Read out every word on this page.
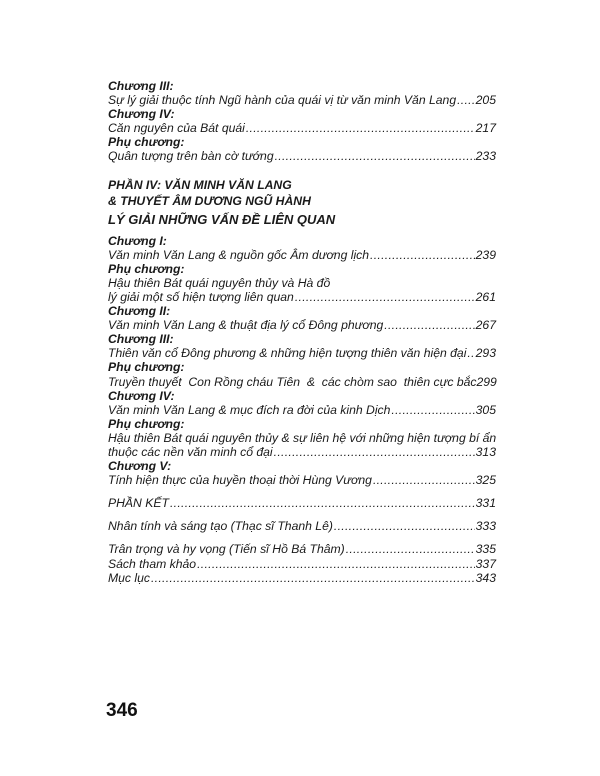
Chương III:
Sự lý giải thuộc tính Ngũ hành của quái vị từ văn minh Văn Lang ..... 205
Chương IV:
Căn nguyên của Bát quái .....	217
Phụ chương:
Quân tượng trên bàn cờ tướng .....	233
PHẦN IV: VĂN MINH VĂN LANG
& THUYẾT ÂM DƯƠNG NGŨ HÀNH
LÝ GIẢI NHỮNG VẤN ĐỀ LIÊN QUAN
Chương I:
Văn minh Văn Lang & nguồn gốc Âm dương lịch .....	239
Phụ chương:
Hậu thiên Bát quái nguyên thủy và Hà đồ
lý giải một số hiện tượng liên quan .....	261
Chương II:
Văn minh Văn Lang & thuật địa lý cổ Đông phương .....	267
Chương III:
Thiên văn cổ Đông phương & những hiện tượng thiên văn hiện đại ..... 293
Phụ chương:
Truyền thuyết  Con Rồng cháu Tiên  &  các chòm sao  thiên cực bắc 299
Chương IV:
Văn minh Văn Lang & mục đích ra đời của kinh Dịch .....	305
Phụ chương:
Hậu thiên Bát quái nguyên thủy & sự liên hệ với những hiện tượng bí ẩn
thuộc các nền văn minh cổ đại .....	313
Chương V:
Tính hiện thực của huyền thoại thời Hùng Vương .....	325
PHẦN KẾT .....	331
Nhân tính và sáng tạo (Thạc sĩ Thanh Lê) .....	333
Trân trọng và hy vọng (Tiến sĩ Hồ Bá Thâm) .....	335
Sách tham khảo .....	337
Mục lục .....	343
346
